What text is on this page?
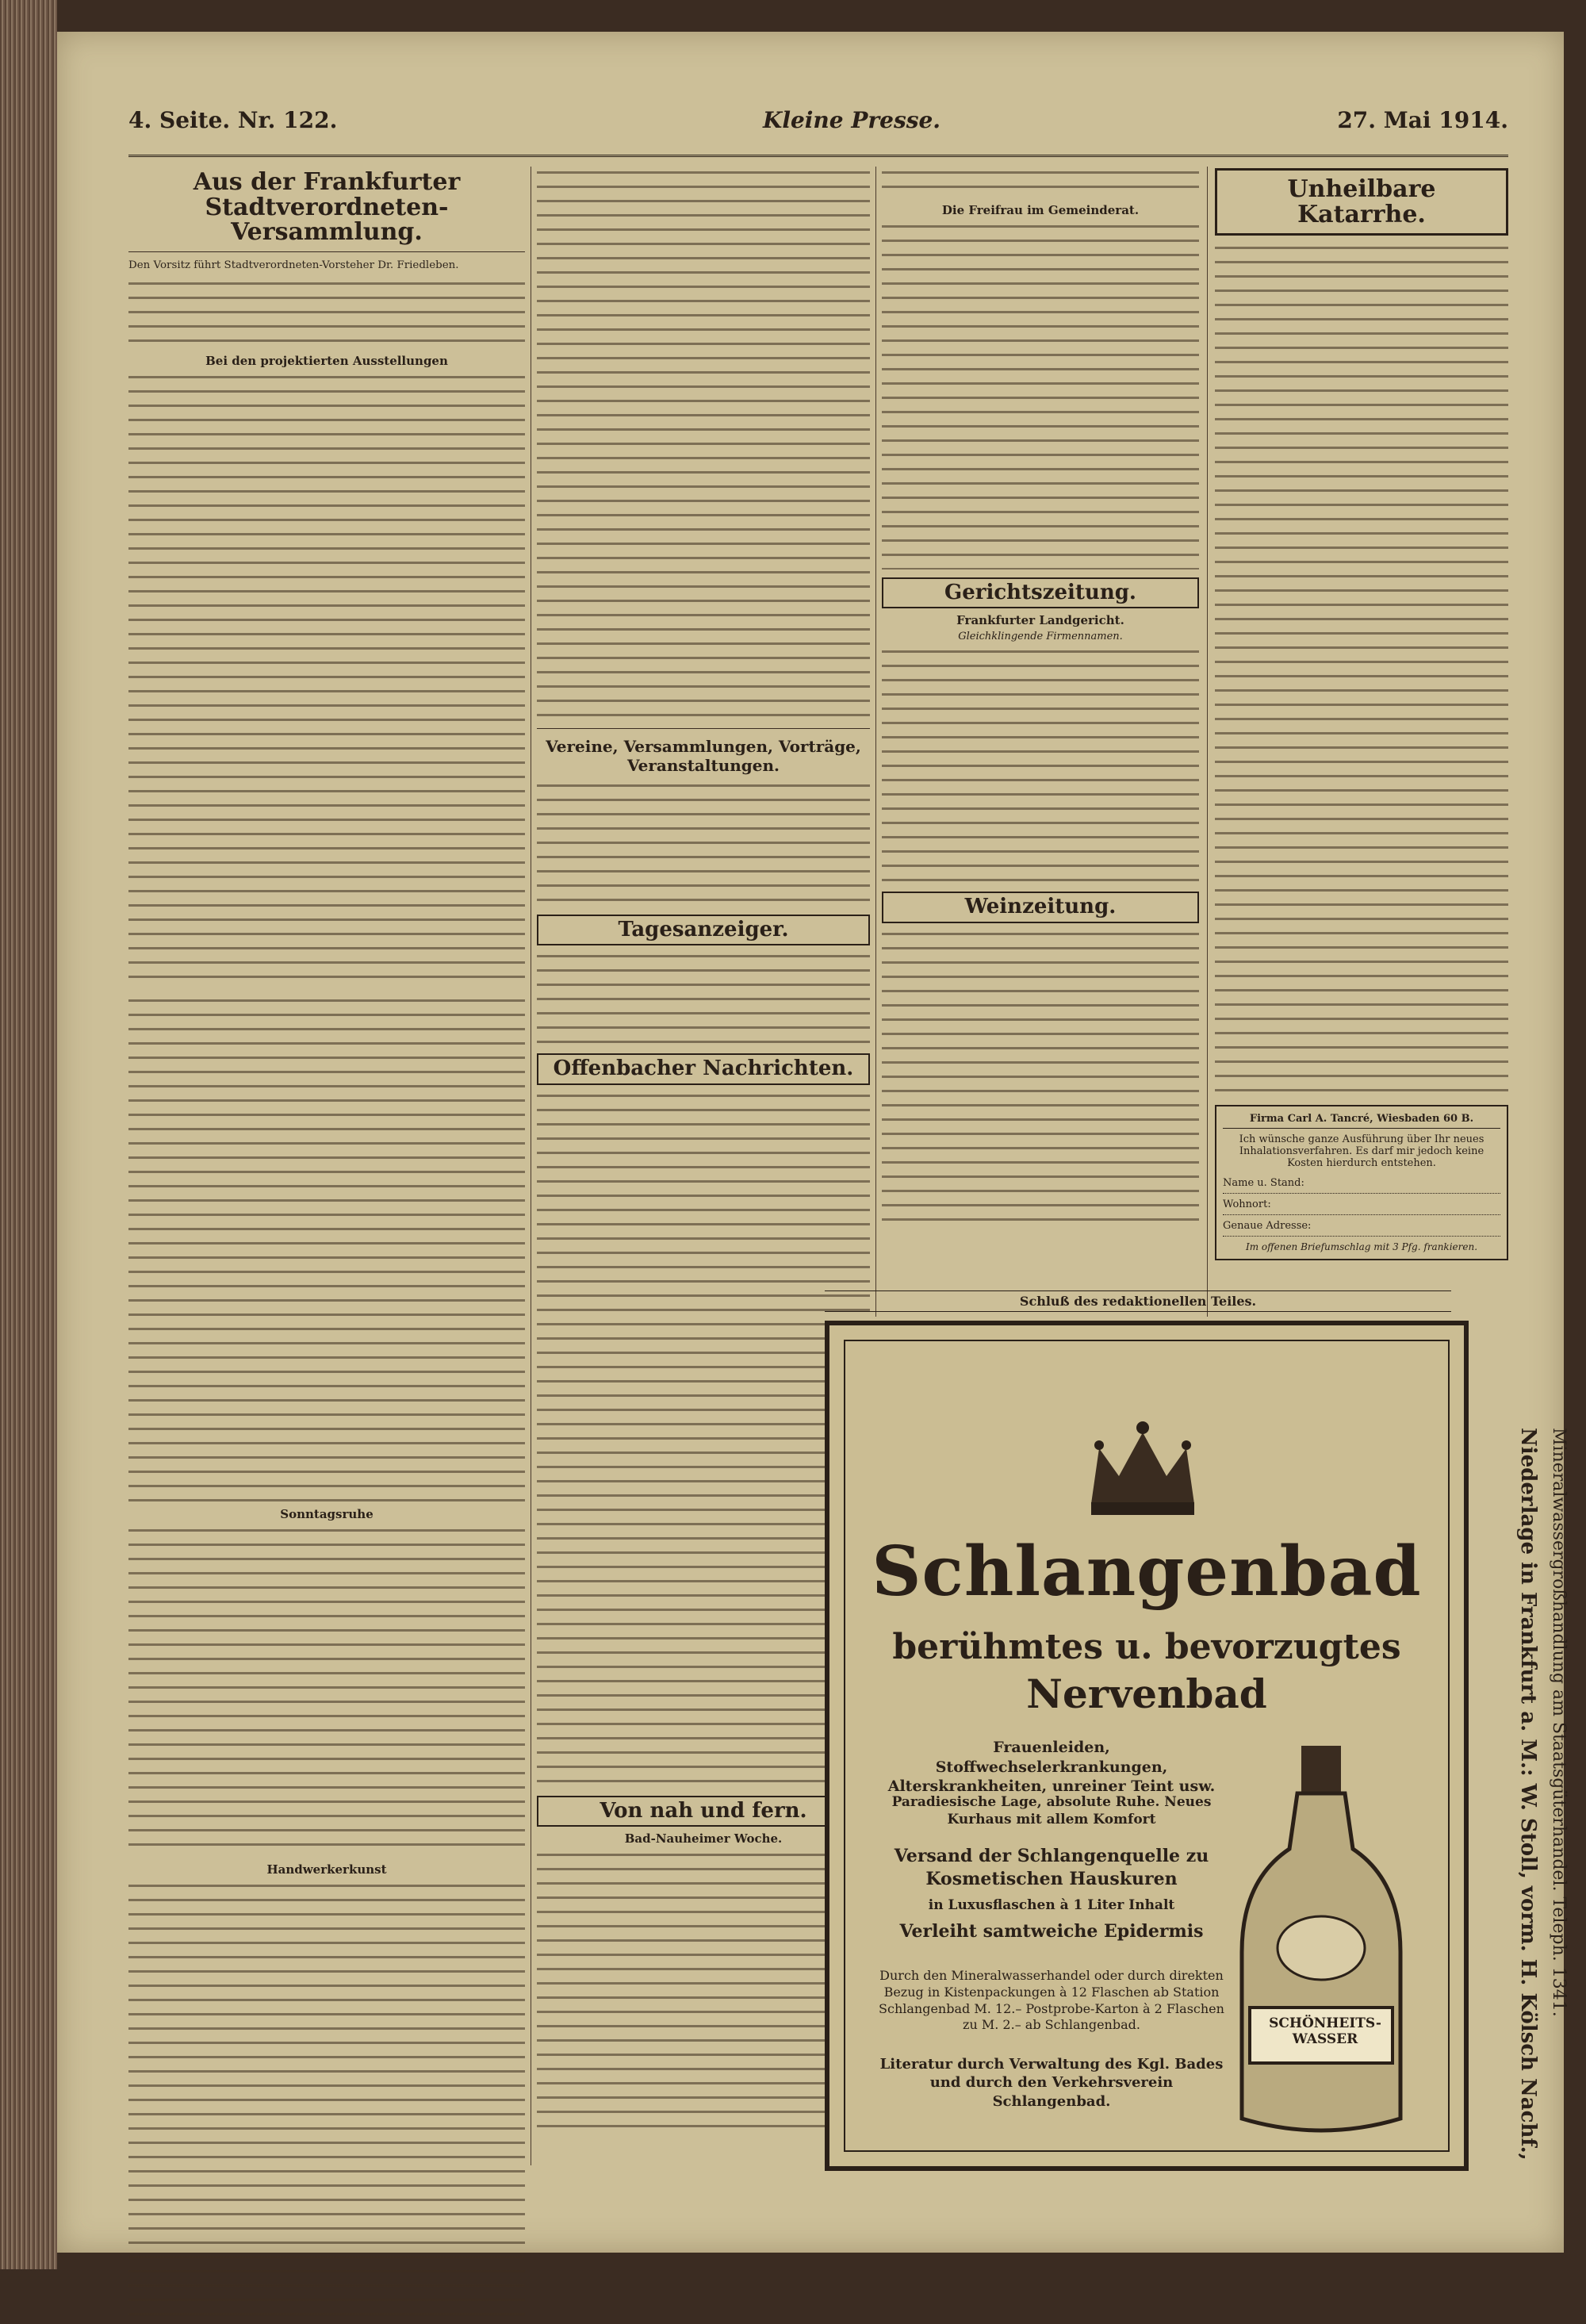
4. Seite. Nr. 122.	Kleine Presse.	27. Mai 1914.
Aus der Frankfurter Stadtverordneten-Versammlung.

Den Vorsitz führt Stadtverordneten-Vorsteher Dr. Friedleben.

Bei den projektierten Ausstellungen

Sonntagsruhe

Handwerkerkunst

Vereine, Versammlungen, Vorträge, Veranstaltungen.
Tagesanzeiger.
Offenbacher Nachrichten.
Von nah und fern.

Bad-Nauheimer Woche.

Die Freifrau im Gemeinderat.

Gerichtszeitung.

Frankfurter Landgericht.

Gleichklingende Firmennamen.

Weinzeitung.
Unheilbare Katarrhe.
Firma Carl A. Tancré, Wiesbaden 60 B.
Ich wünsche ganze Ausführung über Ihr neues Inhalationsverfahren. Es darf mir jedoch keine Kosten hierdurch entstehen.
Name u. Stand:
Wohnort:
Genaue Adresse:
Im offenen Briefumschlag mit 3 Pfg. frankieren.
Schluß des redaktionellen Teiles.
Schlangenbad
berühmtes u. bevorzugtes
Nervenbad
Frauenleiden, Stoffwechselerkrankungen, Alterskrankheiten, unreiner Teint usw.
Paradiesische Lage, absolute Ruhe. Neues Kurhaus mit allem Komfort
Versand der Schlangenquelle zu Kosmetischen Hauskuren
in Luxusflaschen à 1 Liter Inhalt
Verleiht samtweiche Epidermis
Durch den Mineralwasserhandel oder durch direkten Bezug in Kistenpackungen à 12 Flaschen ab Station Schlangenbad M. 12.– Postprobe-Karton à 2 Flaschen zu M. 2.– ab Schlangenbad.
Literatur durch Verwaltung des Kgl. Bades und durch den Verkehrsverein Schlangenbad.
SCHÖNHEITS-WASSER	Niederlage in Frankfurt a. M.: W. Stoll, vorm. H. Kölsch Nachf., Mineralwassergroßhandlung am Staatsgüterhandel. Teleph. 1341.
